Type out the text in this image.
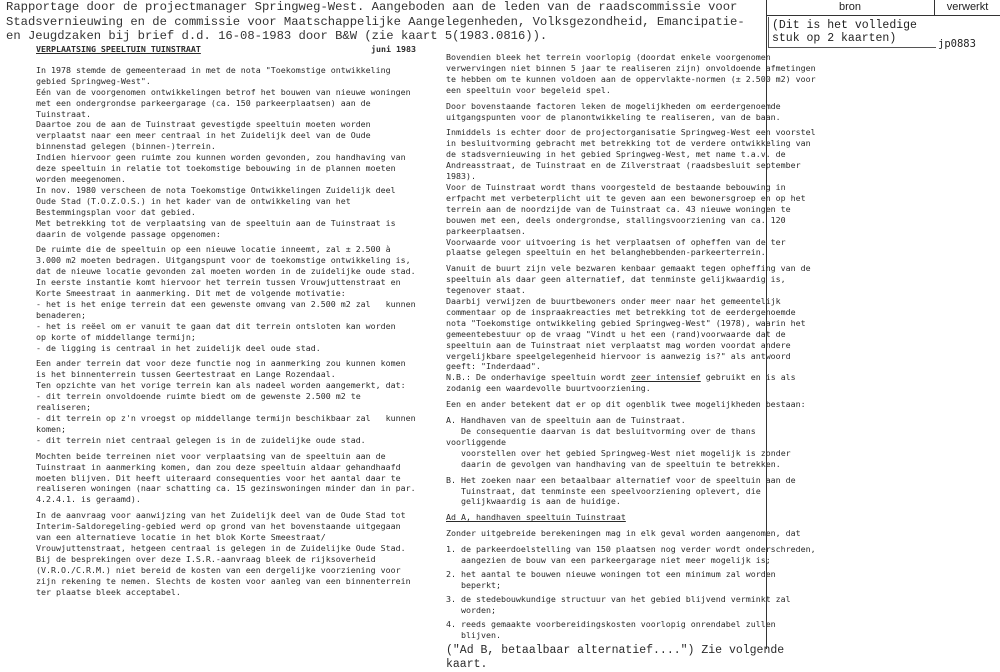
Rapportage door de projectmanager Springweg-West. Aangeboden aan de leden van de raadscommissie voor
Stadsvernieuwing en de commissie voor Maatschappelijke Aangelegenheden, Volksgezondheid, Emancipatie-
en Jeugdzaken bij brief d.d. 16-08-1983 door B&W (zie kaart 5(1983.0816)).
bron	verwerkt
(Dit is het volledige stuk op 2 kaarten)	jp0883
VERPLAATSING SPEELTUIN TUINSTRAAT	juni 1983

In 1978 stemde de gemeenteraad in met de nota "Toekomstige ontwikkeling gebied Springweg-West".
Eén van de voorgenomen ontwikkelingen betrof het bouwen van nieuwe woningen met een ondergrondse parkeergarage (ca. 150 parkeerplaatsen) aan de Tuinstraat.
Daartoe zou de aan de Tuinstraat gevestigde speeltuin moeten worden verplaatst naar een meer centraal in het Zuidelijk deel van de Oude binnenstad gelegen (binnen-)terrein.
Indien hiervoor geen ruimte zou kunnen worden gevonden, zou handhaving van deze speeltuin in relatie tot toekomstige bebouwing in de plannen moeten worden meegenomen.
In nov. 1980 verscheen de nota Toekomstige Ontwikkelingen Zuidelijk deel Oude Stad (T.O.Z.O.S.) in het kader van de ontwikkeling van het Bestemmingsplan voor dat gebied.
Met betrekking tot de verplaatsing van de speeltuin aan de Tuinstraat is daarin de volgende passage opgenomen:

De ruimte die de speeltuin op een nieuwe locatie inneemt, zal ± 2.500 à 3.000 m2 moeten bedragen. Uitgangspunt voor de toekomstige ontwikkeling is, dat de nieuwe locatie gevonden zal moeten worden in de zuidelijke oude stad.
In eerste instantie komt hiervoor het terrein tussen Vrouwjuttenstraat en Korte Smeestraat in aanmerking. Dit met de volgende motivatie:
- het is het enige terrein dat een gewenste omvang van 2.500 m2 zal   kunnen benaderen;
- het is reëel om er vanuit te gaan dat dit terrein ontsloten kan worden   op korte of middellange termijn;
- de ligging is centraal in het zuidelijk deel oude stad.

Een ander terrein dat voor deze functie nog in aanmerking zou kunnen komen is het binnenterrein tussen Geertestraat en Lange Rozendaal.
Ten opzichte van het vorige terrein kan als nadeel worden aangemerkt, dat:
- dit terrein onvoldoende ruimte biedt om de gewenste 2.500 m2 te   realiseren;
- dit terrein op z'n vroegst op middellange termijn beschikbaar zal   kunnen komen;
- dit terrein niet centraal gelegen is in de zuidelijke oude stad.

Mochten beide terreinen niet voor verplaatsing van de speeltuin aan de Tuinstraat in aanmerking komen, dan zou deze speeltuin aldaar gehandhaafd moeten blijven. Dit heeft uiteraard consequenties voor het aantal daar te realiseren woningen (naar schatting ca. 15 gezinswoningen minder dan in par. 4.2.4.1. is geraamd).

In de aanvraag voor aanwijzing van het Zuidelijk deel van de Oude Stad tot Interim-Saldoregeling-gebied werd op grond van het bovenstaande uitgegaan van een alternatieve locatie in het blok Korte Smeestraat/ Vrouwjuttenstraat, hetgeen centraal is gelegen in de Zuidelijke Oude Stad.
Bij de besprekingen over deze I.S.R.-aanvraag bleek de rijksoverheid (V.R.O./C.R.M.) niet bereid de kosten van een dergelijke voorziening voor zijn rekening te nemen. Slechts de kosten voor aanleg van een binnenterrein ter plaatse bleek acceptabel.

Bovendien bleek het terrein voorlopig (doordat enkele voorgenomen verwervingen niet binnen 5 jaar te realiseren zijn) onvoldoende afmetingen te hebben om te kunnen voldoen aan de oppervlakte-normen (± 2.500 m2) voor een speeltuin voor begeleid spel.

Door bovenstaande factoren leken de mogelijkheden om eerdergenoemde uitgangspunten voor de planontwikkeling te realiseren, van de baan.

Inmiddels is echter door de projectorganisatie Springweg-West een voorstel in besluitvorming gebracht met betrekking tot de verdere ontwikkeling van de stadsvernieuwing in het gebied Springweg-West, met name t.a.v. de Andreasstraat, de Tuinstraat en de Zilverstraat (raadsbesluit september 1983).
Voor de Tuinstraat wordt thans voorgesteld de bestaande bebouwing in erfpacht met verbeterplicht uit te geven aan een bewonersgroep en op het terrein aan de noordzijde van de Tuinstraat ca. 43 nieuwe woningen te bouwen met een, deels ondergrondse, stallingsvoorziening van ca. 120 parkeerplaatsen.
Voorwaarde voor uitvoering is het verplaatsen of opheffen van de ter plaatse gelegen speeltuin en het belanghebbenden-parkeerterrein.

Vanuit de buurt zijn vele bezwaren kenbaar gemaakt tegen opheffing van de speeltuin als daar geen alternatief, dat tenminste gelijkwaardig is, tegenover staat.
Daarbij verwijzen de buurtbewoners onder meer naar het gemeentelijk commentaar op de inspraakreacties met betrekking tot de eerdergenoemde nota "Toekomstige ontwikkeling gebied Springweg-West" (1978), waarin het gemeentebestuur op de vraag "Vindt u het een (rand)voorwaarde dat de speeltuin aan de Tuinstraat niet verplaatst mag worden voordat andere vergelijkbare speelgelegenheid hiervoor is aanwezig is?" als antwoord geeft: "Inderdaad".
N.B.: De onderhavige speeltuin wordt zeer intensief gebruikt en is als zodanig een waardevolle buurtvoorziening.

Een en ander betekent dat er op dit ogenblik twee mogelijkheden bestaan:

A. Handhaven van de speeltuin aan de Tuinstraat.
De consequentie daarvan is dat besluitvorming over de thans voorliggende
voorstellen over het gebied Springweg-West niet mogelijk is zonder
daarin de gevolgen van handhaving van de speeltuin te betrekken.

B. Het zoeken naar een betaalbaar alternatief voor de speeltuin aan de
Tuinstraat, dat tenminste een speelvoorziening oplevert, die
gelijkwaardig is aan de huidige.

Ad A, handhaven speeltuin Tuinstraat

Zonder uitgebreide berekeningen mag in elk geval worden aangenomen, dat

1. de parkeerdoelstelling van 150 plaatsen nog verder wordt onderschreden,
aangezien de bouw van een parkeergarage niet meer mogelijk is;

2. het aantal te bouwen nieuwe woningen tot een minimum zal worden
beperkt;

3. de stedebouwkundige structuur van het gebied blijvend verminkt zal
worden;

4. reeds gemaakte voorbereidingskosten voorlopig onrendabel zullen
blijven.

("Ad B, betaalbaar alternatief....") Zie volgende kaart.
